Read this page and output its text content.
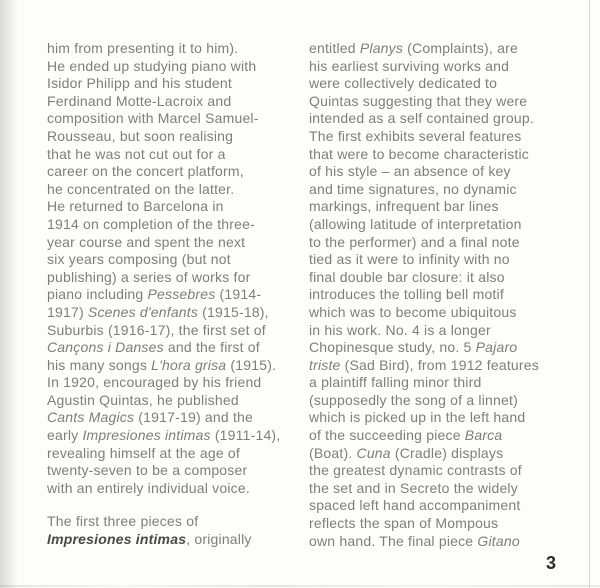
him from presenting it to him).
He ended up studying piano with
Isidor Philipp and his student
Ferdinand Motte-Lacroix and
composition with Marcel Samuel-
Rousseau, but soon realising
that he was not cut out for a
career on the concert platform,
he concentrated on the latter.
He returned to Barcelona in
1914 on completion of the three-
year course and spent the next
six years composing (but not
publishing) a series of works for
piano including Pessebres (1914-
1917) Scenes d'enfants (1915-18),
Suburbis (1916-17), the first set of
Cançons i Danses and the first of
his many songs L'hora grisa (1915).
In 1920, encouraged by his friend
Agustin Quintas, he published
Cants Magics (1917-19) and the
early Impresiones intimas (1911-14),
revealing himself at the age of
twenty-seven to be a composer
with an entirely individual voice.
The first three pieces of
Impresiones intimas, originally
entitled Planys (Complaints), are
his earliest surviving works and
were collectively dedicated to
Quintas suggesting that they were
intended as a self contained group.
The first exhibits several features
that were to become characteristic
of his style – an absence of key
and time signatures, no dynamic
markings, infrequent bar lines
(allowing latitude of interpretation
to the performer) and a final note
tied as it were to infinity with no
final double bar closure: it also
introduces the tolling bell motif
which was to become ubiquitous
in his work. No. 4 is a longer
Chopinesque study, no. 5 Pajaro
triste (Sad Bird), from 1912 features
a plaintiff falling minor third
(supposedly the song of a linnet)
which is picked up in the left hand
of the succeeding piece Barca
(Boat). Cuna (Cradle) displays
the greatest dynamic contrasts of
the set and in Secreto the widely
spaced left hand accompaniment
reflects the span of Mompous
own hand. The final piece Gitano
3
